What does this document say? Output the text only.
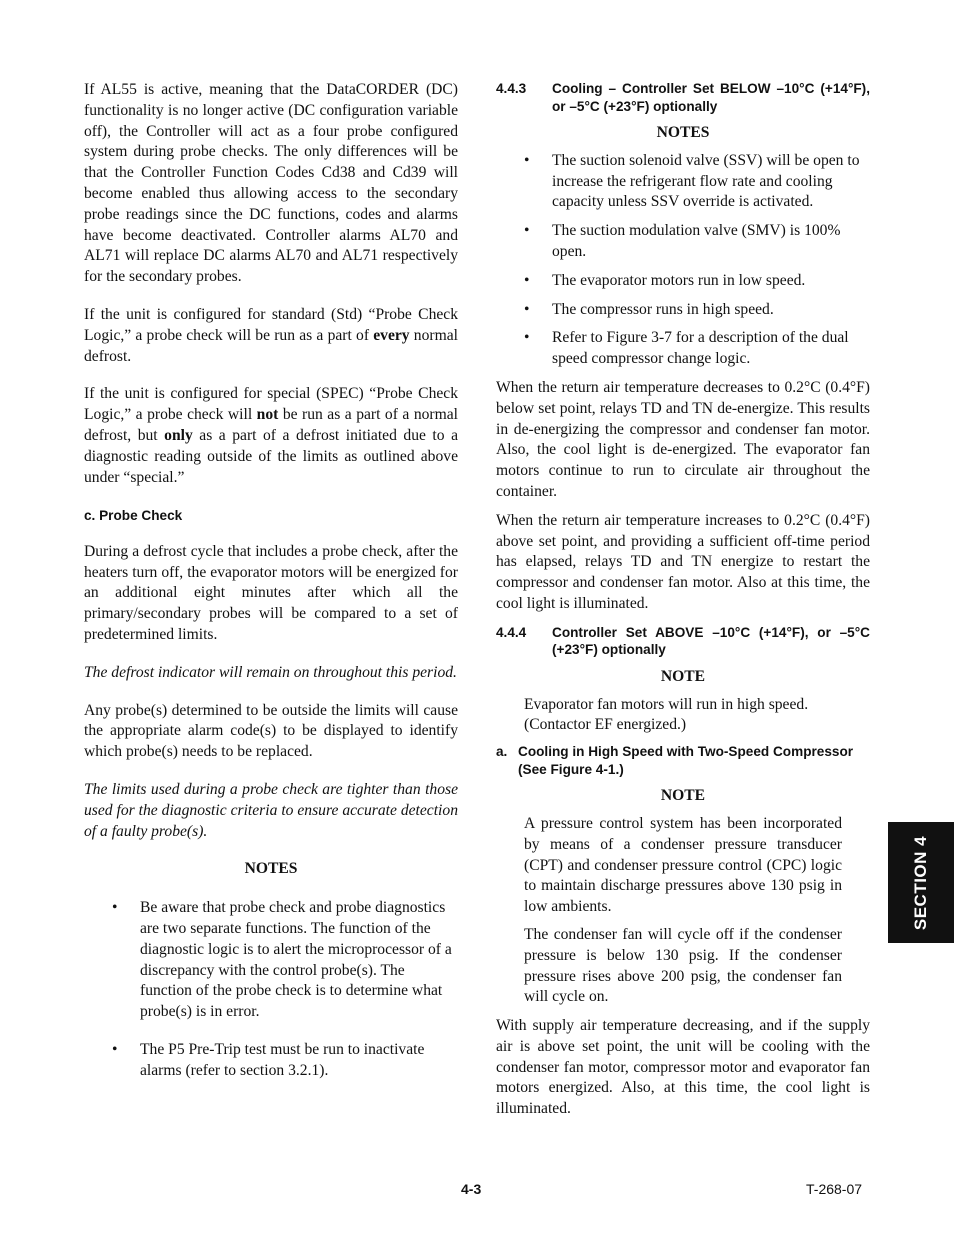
If AL55 is active, meaning that the DataCORDER (DC) functionality is no longer active (DC configuration variable off), the Controller will act as a four probe configured system during probe checks. The only differences will be that the Controller Function Codes Cd38 and Cd39 will become enabled thus allowing access to the secondary probe readings since the DC functions, codes and alarms have become deactivated. Controller alarms AL70 and AL71 will replace DC alarms AL70 and AL71 respectively for the secondary probes.

If the unit is configured for standard (Std) “Probe Check Logic,” a probe check will be run as a part of every normal defrost.

If the unit is configured for special (SPEC) “Probe Check Logic,” a probe check will not be run as a part of a normal defrost, but only as a part of a defrost initiated due to a diagnostic reading outside of the limits as outlined above under “special.”

c. Probe Check

During a defrost cycle that includes a probe check, after the heaters turn off, the evaporator motors will be energized for an additional eight minutes after which all the primary/secondary probes will be compared to a set of predetermined limits.

The defrost indicator will remain on throughout this period.

Any probe(s) determined to be outside the limits will cause the appropriate alarm code(s) to be displayed to identify which probe(s) needs to be replaced.

The limits used during a probe check are tighter than those used for the diagnostic criteria to ensure accurate detection of a faulty probe(s).

NOTES
• Be aware that probe check and probe diagnostics are two separate functions. The function of the diagnostic logic is to alert the microprocessor of a discrepancy with the control probe(s). The function of the probe check is to determine what probe(s) is in error.
• The P5 Pre-Trip test must be run to inactivate alarms (refer to section 3.2.1).
4.4.3	Cooling – Controller Set BELOW –10°C (+14°F), or –5°C (+23°F) optionally
NOTES
• The suction solenoid valve (SSV) will be open to increase the refrigerant flow rate and cooling capacity unless SSV override is activated.
• The suction modulation valve (SMV) is 100% open.
• The evaporator motors run in low speed.
• The compressor runs in high speed.
• Refer to Figure 3-7 for a description of the dual speed compressor change logic.

When the return air temperature decreases to 0.2°C (0.4°F) below set point, relays TD and TN de-energize. This results in de-energizing the compressor and condenser fan motor. Also, the cool light is de-energized. The evaporator fan motors continue to run to circulate air throughout the container.

When the return air temperature increases to 0.2°C (0.4°F) above set point, and providing a sufficient off-time period has elapsed, relays TD and TN energize to restart the compressor and condenser fan motor. Also at this time, the cool light is illuminated.

4.4.4	Controller Set ABOVE –10°C (+14°F), or –5°C (+23°F) optionally
NOTE

Evaporator fan motors will run in high speed. (Contactor EF energized.)

a. Cooling in High Speed with Two-Speed Compressor (See Figure 4-1.)
NOTE

A pressure control system has been incorporated by means of a condenser pressure transducer (CPT) and condenser pressure control (CPC) logic to maintain discharge pressures above 130 psig in low ambients.

The condenser fan will cycle off if the condenser pressure is below 130 psig. If the condenser pressure rises above 200 psig, the condenser fan will cycle on.

With supply air temperature decreasing, and if the supply air is above set point, the unit will be cooling with the condenser fan motor, compressor motor and evaporator fan motors energized. Also, at this time, the cool light is illuminated.

SECTION 4
4-3	T-268-07
